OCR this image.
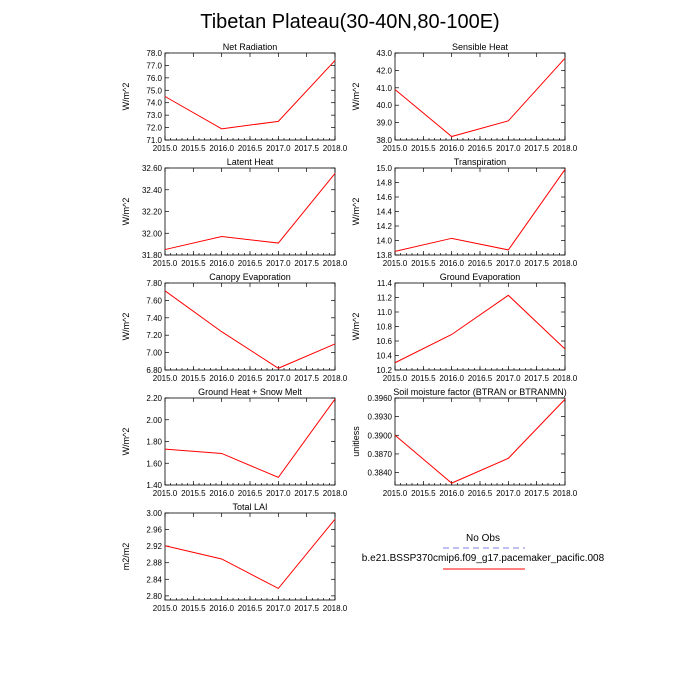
Tibetan Plateau(30-40N,80-100E)
Net Radiation
2015.0 2015.5 2016.0 2016.5 2017.0 2017.5 2018.0
71.0
72.0
73.0
74.0
75.0
76.0
77.0
78.0
W/m^2
Sensible Heat
2015.0 2015.5 2016.0 2016.5 2017.0 2017.5 2018.0
38.0
39.0
40.0
41.0
42.0
43.0
W/m^2
Latent Heat
2015.0 2015.5 2016.0 2016.5 2017.0 2017.5 2018.0
31.80
32.00
32.20
32.40
32.60
W/m^2
Transpiration
2015.0 2015.5 2016.0 2016.5 2017.0 2017.5 2018.0
13.8
14.0
14.2
14.4
14.6
14.8
15.0
W/m^2
Canopy Evaporation
2015.0 2015.5 2016.0 2016.5 2017.0 2017.5 2018.0
6.80
7.00
7.20
7.40
7.60
7.80
W/m^2
Ground Evaporation
2015.0 2015.5 2016.0 2016.5 2017.0 2017.5 2018.0
10.2
10.4
10.6
10.8
11.0
11.2
11.4
W/m^2
Ground Heat + Snow Melt
2015.0 2015.5 2016.0 2016.5 2017.0 2017.5 2018.0
1.40
1.60
1.80
2.00
2.20
W/m^2
Soil moisture factor (BTRAN or BTRANMN)
2015.0 2015.5 2016.0 2016.5 2017.0 2017.5 2018.0
0.3840
0.3870
0.3900
0.3930
0.3960
unitless
Total LAI
2015.0 2015.5 2016.0 2016.5 2017.0 2017.5 2018.0
2.80
2.84
2.88
2.92
2.96
3.00
m2/m2
No Obs
b.e21.BSSP370cmip6.f09_g17.pacemaker_pacific.008
